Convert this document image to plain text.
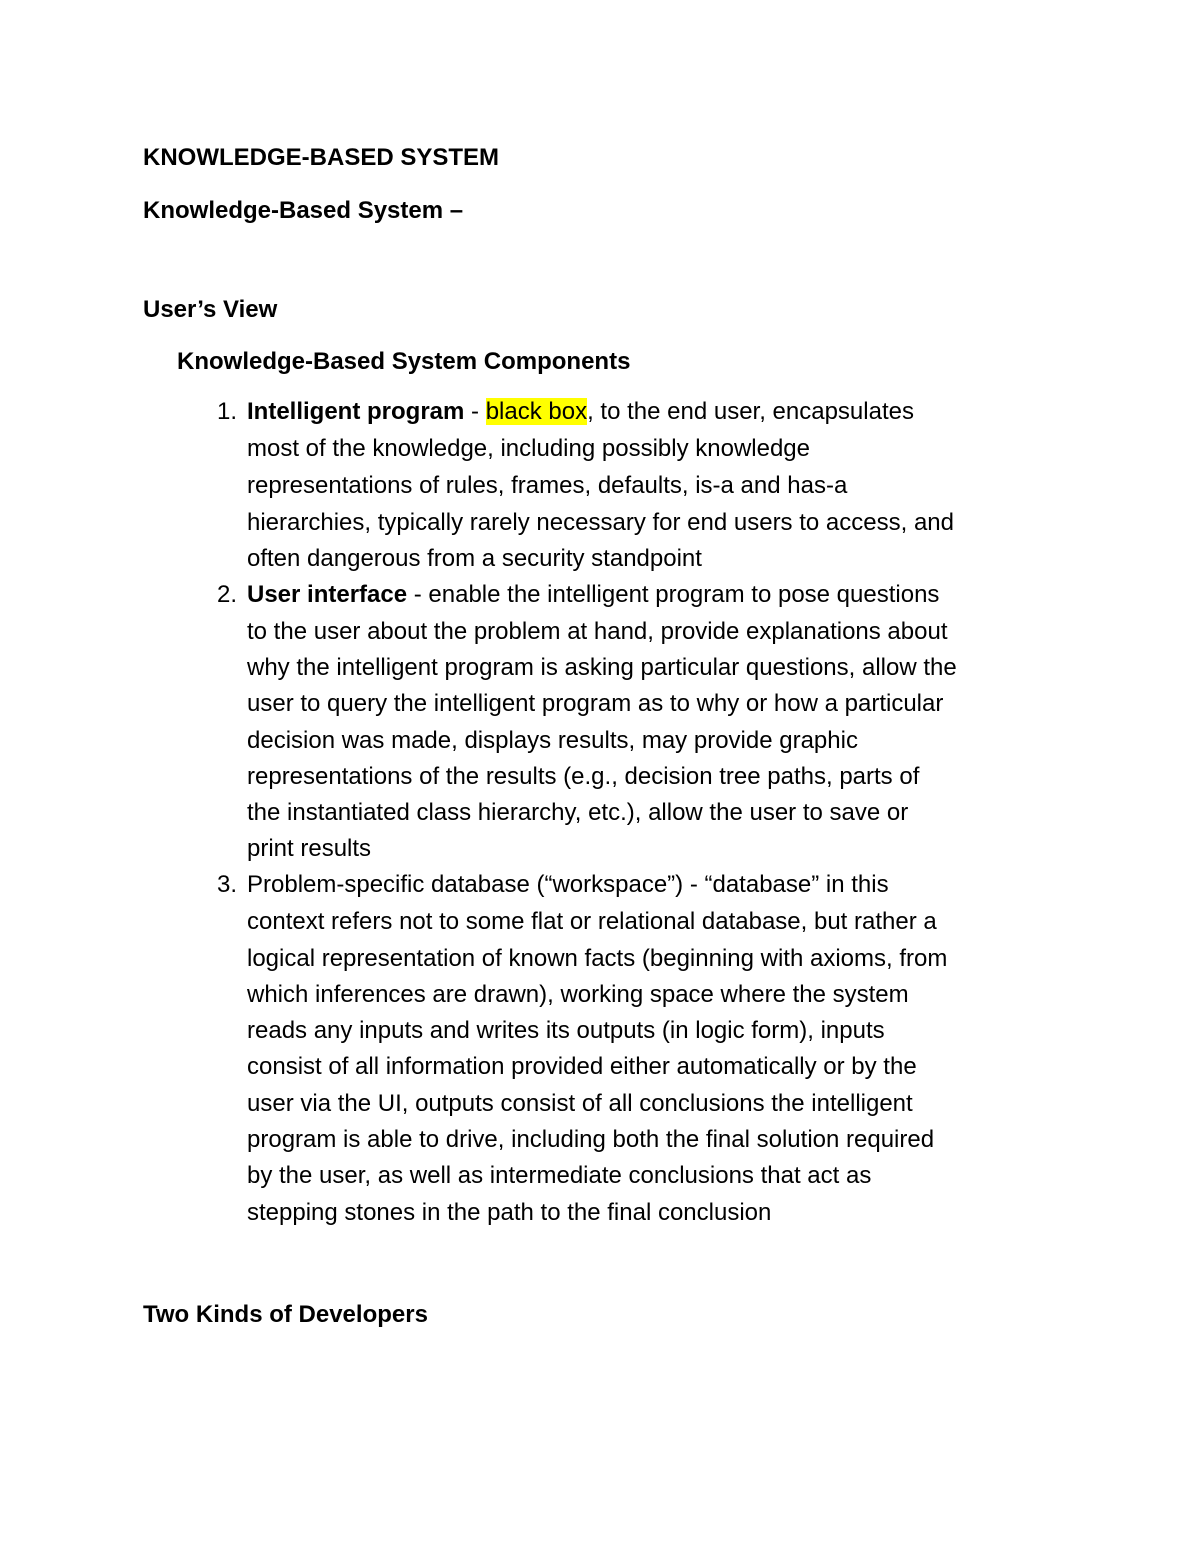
KNOWLEDGE-BASED SYSTEM
Knowledge-Based System –
User’s View
Knowledge-Based System Components
1. Intelligent program - black box, to the end user, encapsulates
most of the knowledge, including possibly knowledge
representations of rules, frames, defaults, is-a and has-a
hierarchies, typically rarely necessary for end users to access, and
often dangerous from a security standpoint
2. User interface - enable the intelligent program to pose questions
to the user about the problem at hand, provide explanations about
why the intelligent program is asking particular questions, allow the
user to query the intelligent program as to why or how a particular
decision was made, displays results, may provide graphic
representations of the results (e.g., decision tree paths, parts of
the instantiated class hierarchy, etc.), allow the user to save or
print results
3. Problem-specific database (“workspace”) - “database” in this
context refers not to some flat or relational database, but rather a
logical representation of known facts (beginning with axioms, from
which inferences are drawn), working space where the system
reads any inputs and writes its outputs (in logic form), inputs
consist of all information provided either automatically or by the
user via the UI, outputs consist of all conclusions the intelligent
program is able to drive, including both the final solution required
by the user, as well as intermediate conclusions that act as
stepping stones in the path to the final conclusion
Two Kinds of Developers
